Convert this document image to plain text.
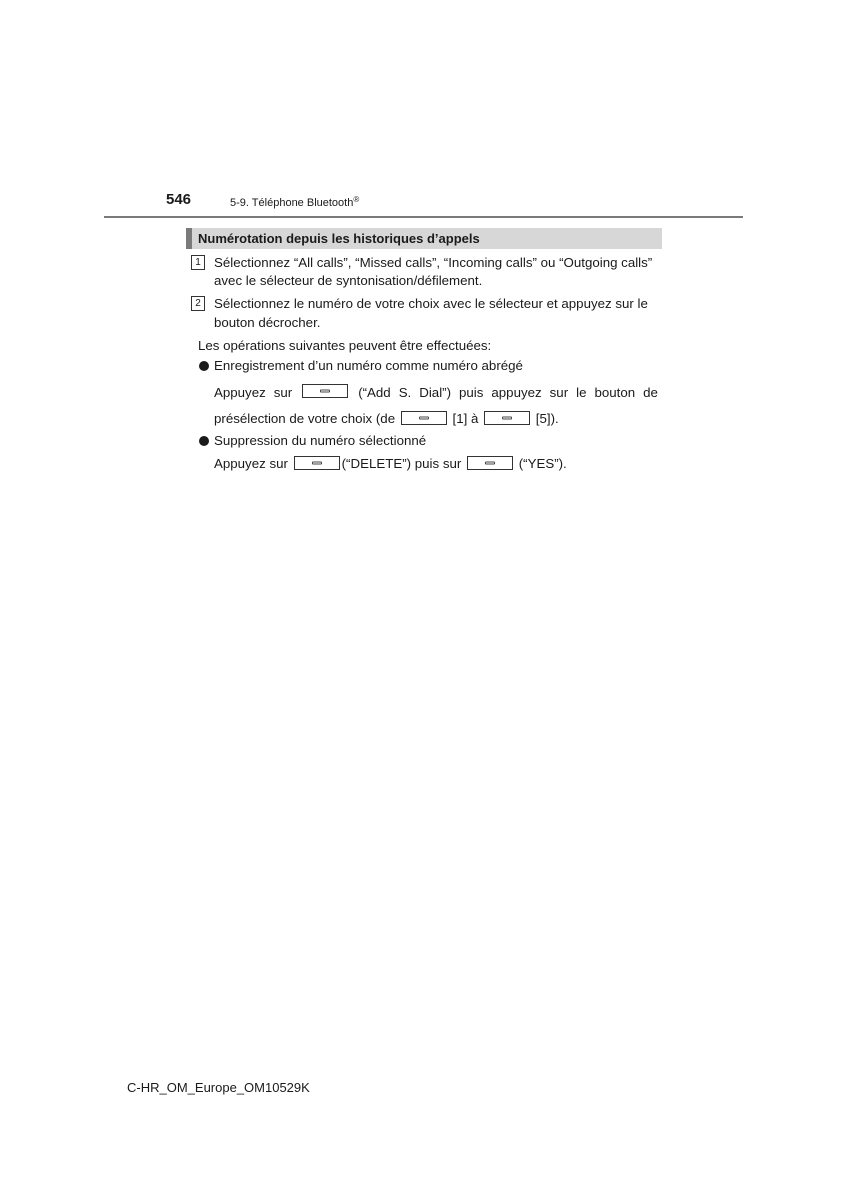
546	5-9. Téléphone Bluetooth®
Numérotation depuis les historiques d’appels
1 Sélectionnez “All calls”, “Missed calls”, “Incoming calls” ou “Outgoing calls”
avec le sélecteur de syntonisation/défilement.
2 Sélectionnez le numéro de votre choix avec le sélecteur et appuyez sur le
bouton décrocher.
Les opérations suivantes peuvent être effectuées:
Enregistrement d’un numéro comme numéro abrégé
Appuyez sur	(“Add S. Dial”) puis appuyez sur le bouton de
présélection de votre choix (de	[1] à	[5]).
Suppression du numéro sélectionné
Appuyez sur	(“DELETE”) puis sur	(“YES”).
C-HR_OM_Europe_OM10529K
